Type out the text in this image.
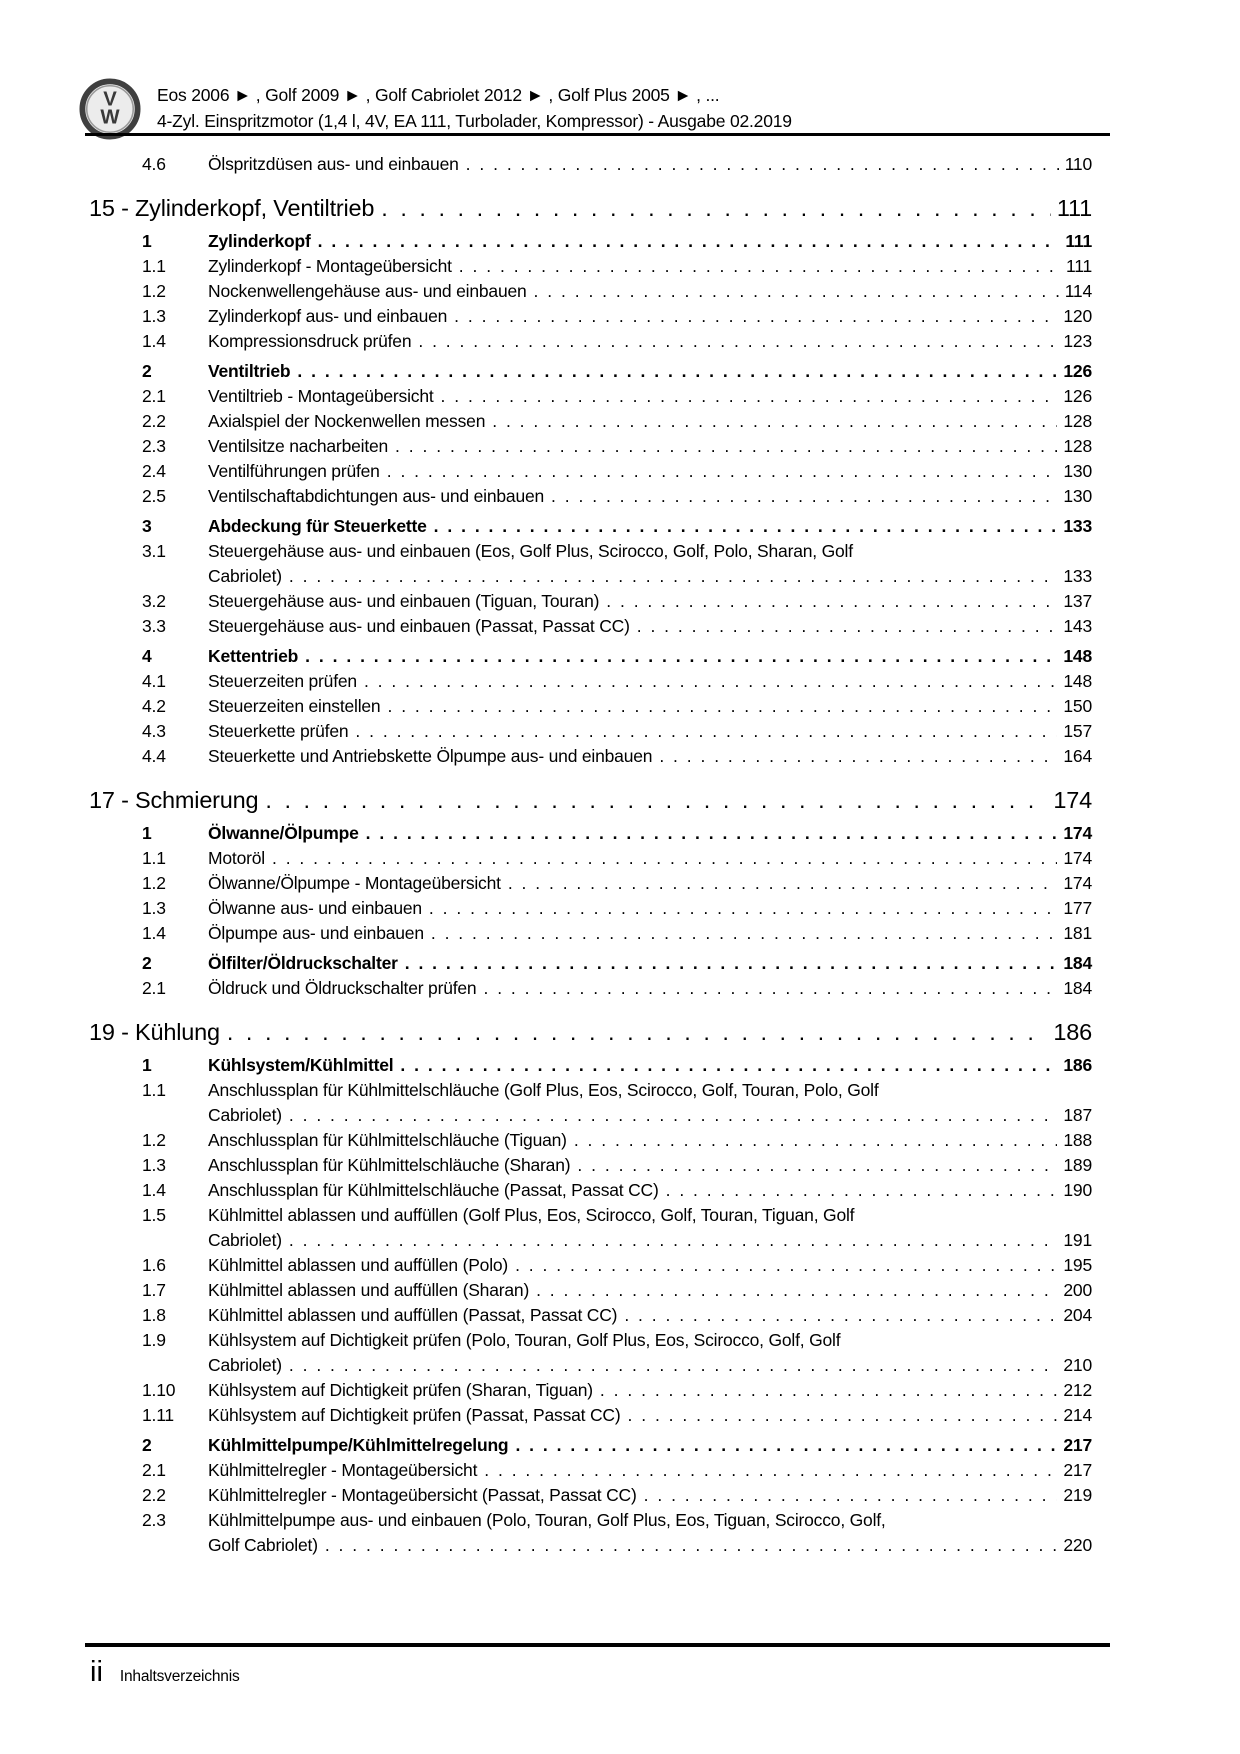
V
W
Eos 2006 ► , Golf 2009 ► , Golf Cabriolet 2012 ► , Golf Plus 2005 ► , ...
4-Zyl. Einspritzmotor (1,4 l, 4V, EA 111, Turbolader, Kompressor) - Ausgabe 02.2019
4.6	Ölspritzdüsen aus- und einbauen . . .	110
15 - Zylinderkopf, Ventiltrieb . . .	111
1	Zylinderkopf . . .	111
1.1	Zylinderkopf - Montageübersicht . . .	111
1.2	Nockenwellengehäuse aus- und einbauen . . .	114
1.3	Zylinderkopf aus- und einbauen . . .	120
1.4	Kompressionsdruck prüfen . . .	123
2	Ventiltrieb . . .	126
2.1	Ventiltrieb - Montageübersicht . . .	126
2.2	Axialspiel der Nockenwellen messen . . .	128
2.3	Ventilsitze nacharbeiten . . .	128
2.4	Ventilführungen prüfen . . .	130
2.5	Ventilschaftabdichtungen aus- und einbauen . . .	130
3	Abdeckung für Steuerkette . . .	133
3.1	Steuergehäuse aus- und einbauen (Eos, Golf Plus, Scirocco, Golf, Polo, Sharan, Golf
Cabriolet) . . .	133
3.2	Steuergehäuse aus- und einbauen (Tiguan, Touran) . . .	137
3.3	Steuergehäuse aus- und einbauen (Passat, Passat CC) . . .	143
4	Kettentrieb . . .	148
4.1	Steuerzeiten prüfen . . .	148
4.2	Steuerzeiten einstellen . . .	150
4.3	Steuerkette prüfen . . .	157
4.4	Steuerkette und Antriebskette Ölpumpe aus- und einbauen . . .	164
17 - Schmierung . . .	174
1	Ölwanne/Ölpumpe . . .	174
1.1	Motoröl . . .	174
1.2	Ölwanne/Ölpumpe - Montageübersicht . . .	174
1.3	Ölwanne aus- und einbauen . . .	177
1.4	Ölpumpe aus- und einbauen . . .	181
2	Ölfilter/Öldruckschalter . . .	184
2.1	Öldruck und Öldruckschalter prüfen . . .	184
19 - Kühlung . . .	186
1	Kühlsystem/Kühlmittel . . .	186
1.1	Anschlussplan für Kühlmittelschläuche (Golf Plus, Eos, Scirocco, Golf, Touran, Polo, Golf
Cabriolet) . . .	187
1.2	Anschlussplan für Kühlmittelschläuche (Tiguan) . . .	188
1.3	Anschlussplan für Kühlmittelschläuche (Sharan) . . .	189
1.4	Anschlussplan für Kühlmittelschläuche (Passat, Passat CC) . . .	190
1.5	Kühlmittel ablassen und auffüllen (Golf Plus, Eos, Scirocco, Golf, Touran, Tiguan, Golf
Cabriolet) . . .	191
1.6	Kühlmittel ablassen und auffüllen (Polo) . . .	195
1.7	Kühlmittel ablassen und auffüllen (Sharan) . . .	200
1.8	Kühlmittel ablassen und auffüllen (Passat, Passat CC) . . .	204
1.9	Kühlsystem auf Dichtigkeit prüfen (Polo, Touran, Golf Plus, Eos, Scirocco, Golf, Golf
Cabriolet) . . .	210
1.10	Kühlsystem auf Dichtigkeit prüfen (Sharan, Tiguan) . . .	212
1.11	Kühlsystem auf Dichtigkeit prüfen (Passat, Passat CC) . . .	214
2	Kühlmittelpumpe/Kühlmittelregelung . . .	217
2.1	Kühlmittelregler - Montageübersicht . . .	217
2.2	Kühlmittelregler - Montageübersicht (Passat, Passat CC) . . .	219
2.3	Kühlmittelpumpe aus- und einbauen (Polo, Touran, Golf Plus, Eos, Tiguan, Scirocco, Golf,
Golf Cabriolet) . . .	220
ii Inhaltsverzeichnis
